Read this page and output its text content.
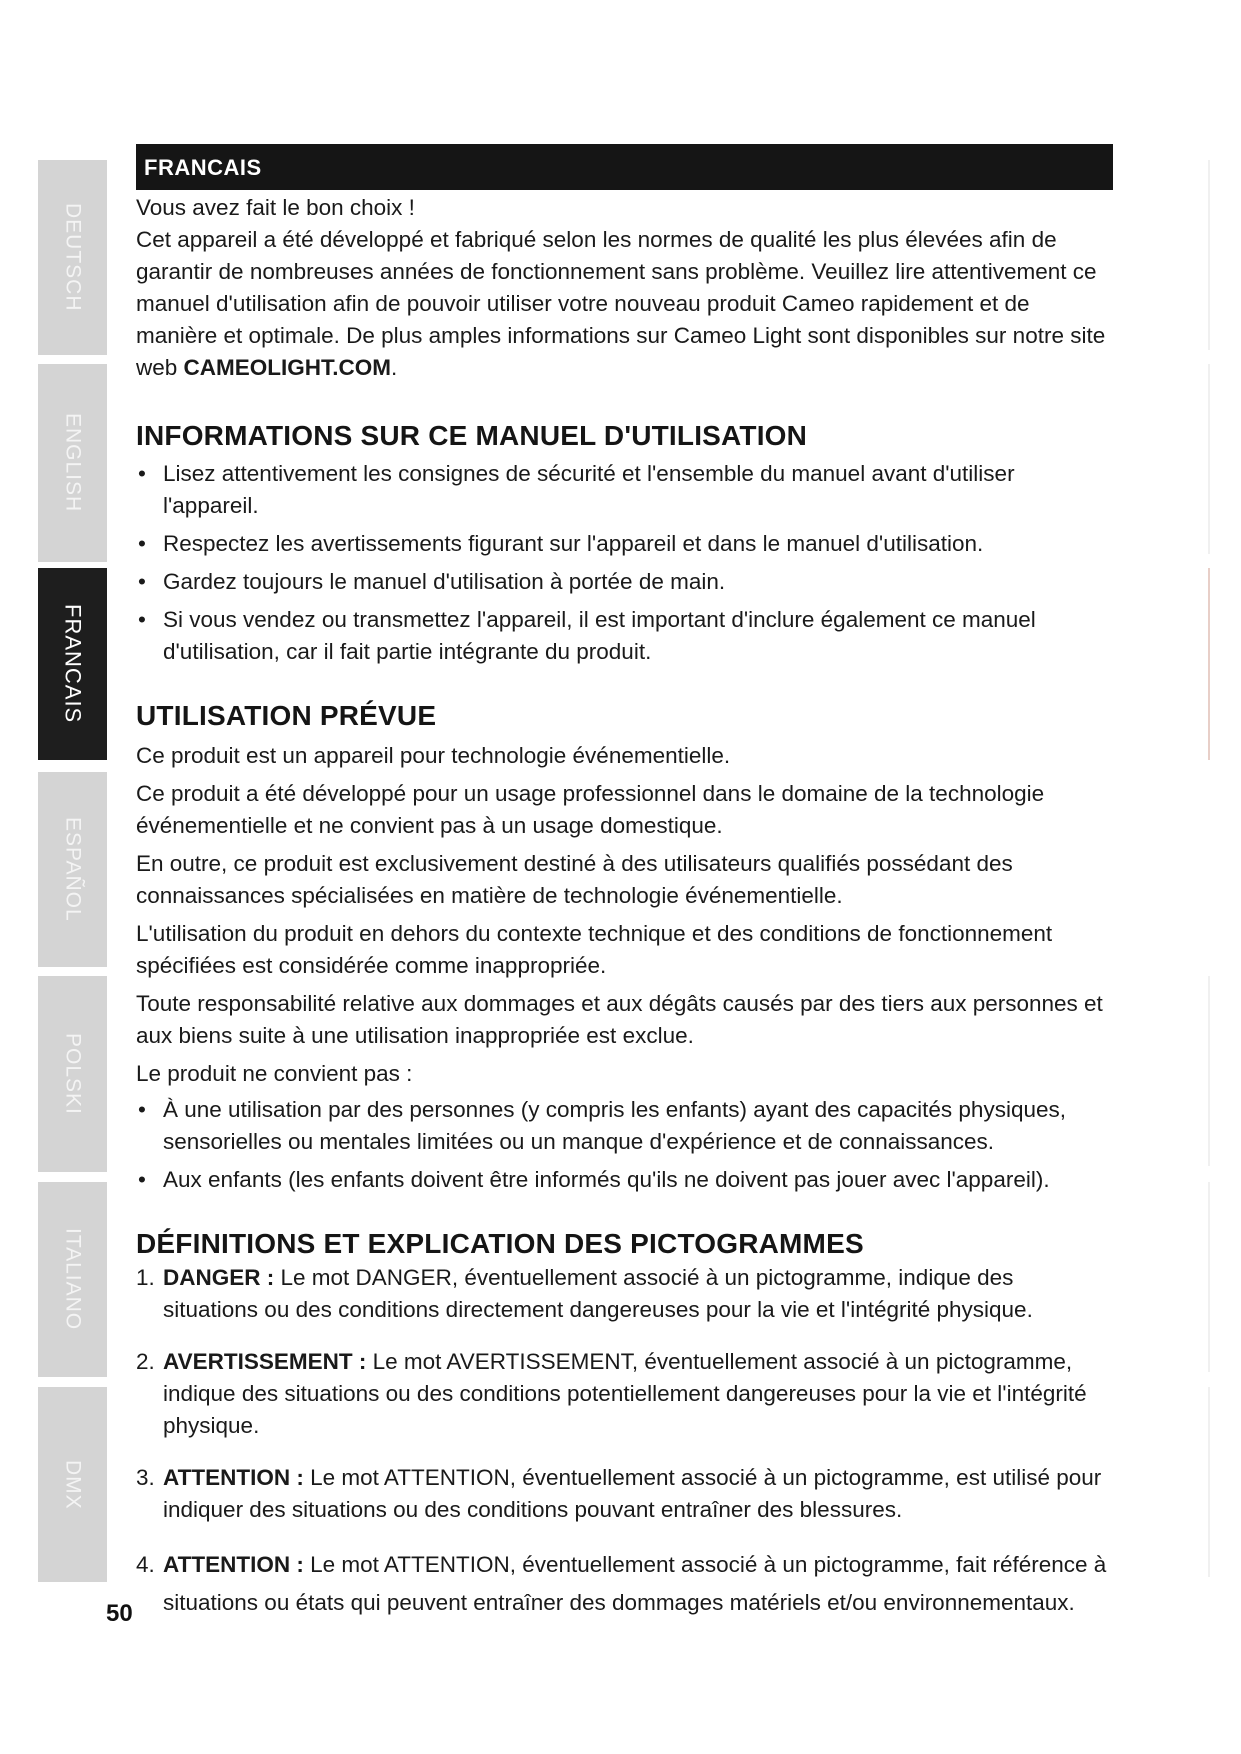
DEUTSCH
ENGLISH
FRANCAIS
ESPAÑOL
POLSKI
ITALIANO
DMX
50
FRANCAIS

Vous avez fait le bon choix !

Cet appareil a été développé et fabriqué selon les normes de qualité les plus élevées afin de garantir de nombreuses années de fonctionnement sans problème. Veuillez lire attentivement ce manuel d'utilisation afin de pouvoir utiliser votre nouveau produit Cameo rapidement et de manière et optimale. De plus amples informations sur Cameo Light sont disponibles sur notre site web CAMEOLIGHT.COM.

INFORMATIONS SUR CE MANUEL D'UTILISATION
• Lisez attentivement les consignes de sécurité et l'ensemble du manuel avant d'utiliser l'appareil.
• Respectez les avertissements figurant sur l'appareil et dans le manuel d'utilisation.
• Gardez toujours le manuel d'utilisation à portée de main.
• Si vous vendez ou transmettez l'appareil, il est important d'inclure également ce manuel d'utilisation, car il fait partie intégrante du produit.
UTILISATION PRÉVUE

Ce produit est un appareil pour technologie événementielle.

Ce produit a été développé pour un usage professionnel dans le domaine de la technologie événementielle et ne convient pas à un usage domestique.

En outre, ce produit est exclusivement destiné à des utilisateurs qualifiés possédant des connaissances spécialisées en matière de technologie événementielle.

L'utilisation du produit en dehors du contexte technique et des conditions de fonctionnement spécifiées est considérée comme inappropriée.

Toute responsabilité relative aux dommages et aux dégâts causés par des tiers aux personnes et aux biens suite à une utilisation inappropriée est exclue.

Le produit ne convient pas :

• À une utilisation par des personnes (y compris les enfants) ayant des capacités physiques, sensorielles ou mentales limitées ou un manque d'expérience et de connaissances.
• Aux enfants (les enfants doivent être informés qu'ils ne doivent pas jouer avec l'appareil).
DÉFINITIONS ET EXPLICATION DES PICTOGRAMMES
1. DANGER : Le mot DANGER, éventuellement associé à un pictogramme, indique des situations ou des conditions directement dangereuses pour la vie et l'intégrité physique.
2. AVERTISSEMENT : Le mot AVERTISSEMENT, éventuellement associé à un pictogramme, indique des situations ou des conditions potentiellement dangereuses pour la vie et l'intégrité physique.
3. ATTENTION : Le mot ATTENTION, éventuellement associé à un pictogramme, est utilisé pour indiquer des situations ou des conditions pouvant entraîner des blessures.
4. ATTENTION : Le mot ATTENTION, éventuellement associé à un pictogramme, fait référence à situations ou états qui peuvent entraîner des dommages matériels et/ou environnementaux.
